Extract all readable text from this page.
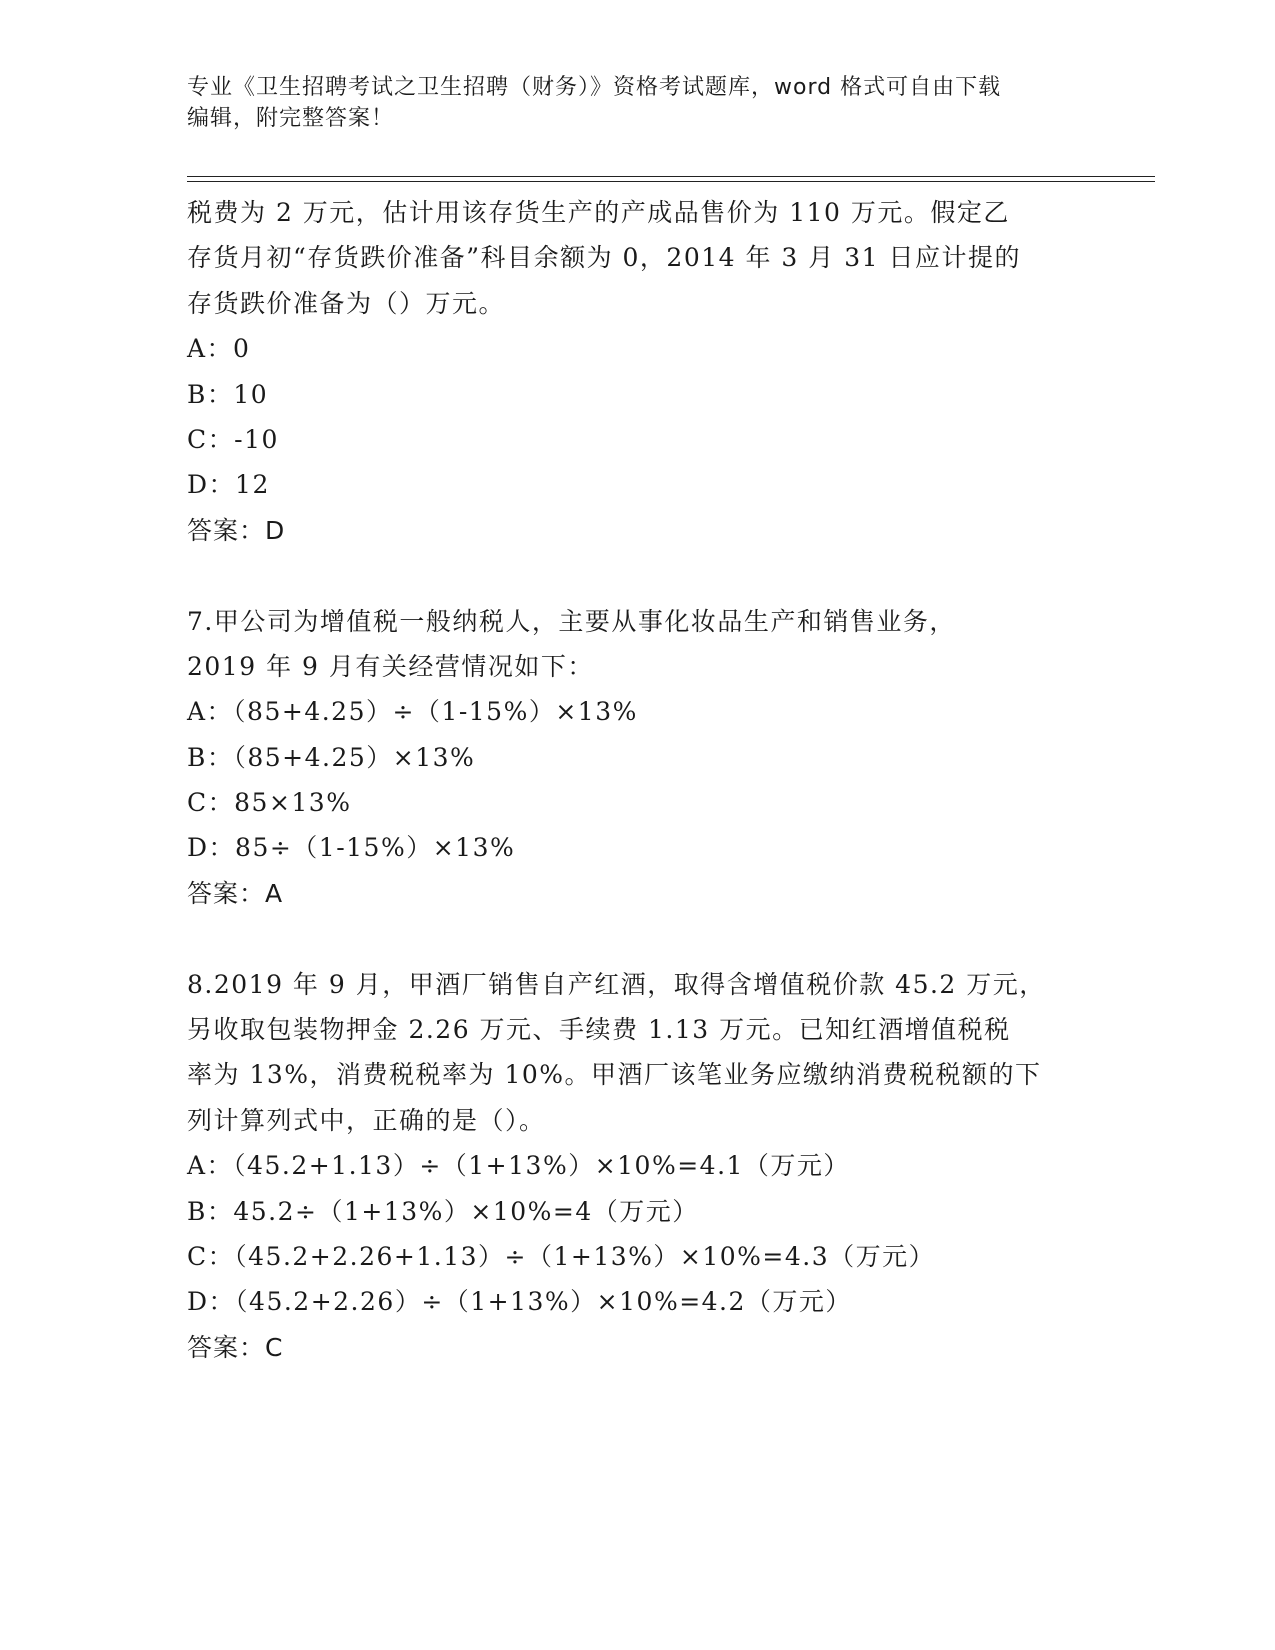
专业《卫生招聘考试之卫生招聘（财务）》资格考试题库，word 格式可自由下载
编辑，附完整答案！
税费为 2 万元，估计用该存货生产的产成品售价为 110 万元。假定乙
存货月初“存货跌价准备”科目余额为 0，2014 年 3 月 31 日应计提的
存货跌价准备为（）万元。
A：0
B：10
C：-10
D：12
答案：D
7.甲公司为增值税一般纳税人，主要从事化妆品生产和销售业务，
2019 年 9 月有关经营情况如下：
A：（85+4.25）÷（1-15%）×13%
B：（85+4.25）×13%
C：85×13%
D：85÷（1-15%）×13%
答案：A
8.2019 年 9 月，甲酒厂销售自产红酒，取得含增值税价款 45.2 万元，
另收取包装物押金 2.26 万元、手续费 1.13 万元。已知红酒增值税税
率为 13%，消费税税率为 10%。甲酒厂该笔业务应缴纳消费税税额的下
列计算列式中，正确的是（）。
A：（45.2+1.13）÷（1+13%）×10%=4.1（万元）
B：45.2÷（1+13%）×10%=4（万元）
C：（45.2+2.26+1.13）÷（1+13%）×10%=4.3（万元）
D：（45.2+2.26）÷（1+13%）×10%=4.2（万元）
答案：C
